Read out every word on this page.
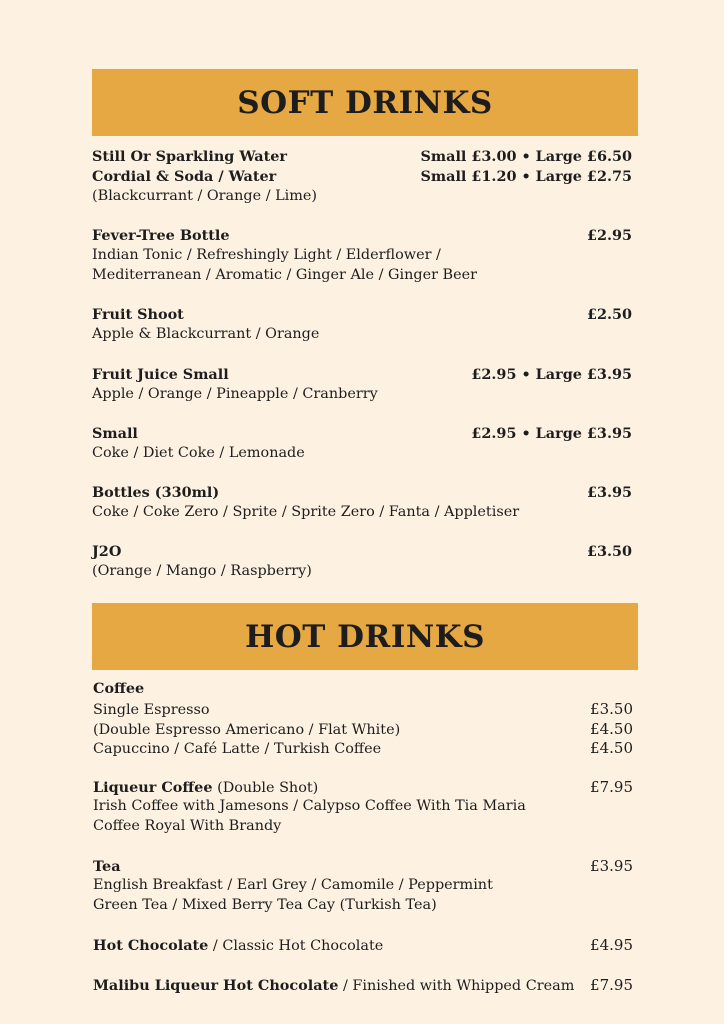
SOFT DRINKS
Still Or Sparkling Water	Small £3.00 • Large £6.50
Cordial & Soda / Water	Small £1.20 • Large £2.75
(Blackcurrant / Orange / Lime)
Fever-Tree Bottle	£2.95
Indian Tonic / Refreshingly Light / Elderflower /
Mediterranean / Aromatic / Ginger Ale / Ginger Beer
Fruit Shoot	£2.50
Apple & Blackcurrant / Orange
Fruit Juice Small	£2.95 • Large £3.95
Apple / Orange / Pineapple / Cranberry
Small	£2.95 • Large £3.95
Coke / Diet Coke / Lemonade
Bottles (330ml)	£3.95
Coke / Coke Zero / Sprite / Sprite Zero / Fanta / Appletiser
J2O	£3.50
(Orange / Mango / Raspberry)
HOT DRINKS
Coffee
Single Espresso	£3.50
(Double Espresso Americano / Flat White)	£4.50
Capuccino / Café Latte / Turkish Coffee	£4.50
Liqueur Coffee (Double Shot)	£7.95
Irish Coffee with Jamesons / Calypso Coffee With Tia Maria
Coffee Royal With Brandy
Tea	£3.95
English Breakfast / Earl Grey / Camomile / Peppermint
Green Tea / Mixed Berry Tea Cay (Turkish Tea)
Hot Chocolate / Classic Hot Chocolate	£4.95
Malibu Liqueur Hot Chocolate / Finished with Whipped Cream £7.95
